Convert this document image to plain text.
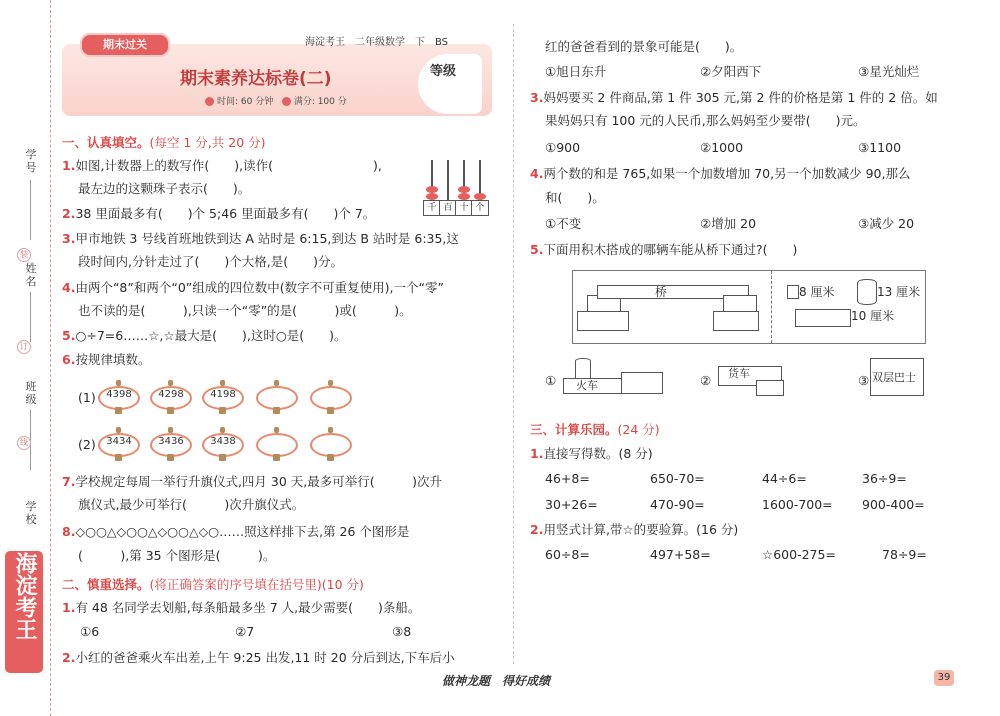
学号
装
姓名
订
班级
线
学校
海淀考王
期末过关	海淀考王　二年级数学　下　BS
期末素养达标卷(二)
时间: 60 分钟 满分: 100 分
等级
一、认真填空。(每空 1 分,共 20 分)
1.如图,计数器上的数写作(　　),读作(　　　　　　　　),
最左边的这颗珠子表示(　　)。
千 百 十 个
2.38 里面最多有(　　)个 5;46 里面最多有(　　)个 7。
3.甲市地铁 3 号线首班地铁到达 A 站时是 6:15,到达 B 站时是 6:35,这
段时间内,分针走过了(　　)个大格,是(　　)分。
4.由两个“8”和两个“0”组成的四位数中(数字不可重复使用),一个“零”
也不读的是(　　　),只读一个“零”的是(　　　)或(　　　)。
5.○÷7=6……☆,☆最大是(　　),这时○是(　　)。
6.按规律填数。
(1)	4398	4298	4198
(2)	3434	3436	3438
7.学校规定每周一举行升旗仪式,四月 30 天,最多可举行(　　　)次升
旗仪式,最少可举行(　　　)次升旗仪式。
8.◇○○△◇○○△◇○○△◇○……照这样排下去,第 26 个图形是
(　　　),第 35 个图形是(　　　)。
二、慎重选择。(将正确答案的序号填在括号里)(10 分)
1.有 48 名同学去划船,每条船最多坐 7 人,最少需要(　　)条船。
①6	②7	③8
2.小红的爸爸乘火车出差,上午 9:25 出发,11 时 20 分后到达,下车后小
红的爸爸看到的景象可能是(　　)。
①旭日东升	②夕阳西下	③星光灿烂
3.妈妈要买 2 件商品,第 1 件 305 元,第 2 件的价格是第 1 件的 2 倍。如
果妈妈只有 100 元的人民币,那么妈妈至少要带(　　)元。
①900	②1000	③1100
4.两个数的和是 765,如果一个加数增加 70,另一个加数减少 90,那么
和(　　)。
①不变	②增加 20	③减少 20
5.下面用积木搭成的哪辆车能从桥下通过?(　　)
桥	8 厘米	13 厘米
10 厘米
① 火车	② 货车	③ 双层巴士
三、计算乐园。(24 分)
1.直接写得数。(8 分)
46+8=	650-70=	44÷6=	36÷9=
30+26=	470-90=	1600-700= 900-400=
2.用竖式计算,带☆的要验算。(16 分)
60÷8=	497+58=	☆600-275=	78÷9=
做神龙题　得好成绩	39
